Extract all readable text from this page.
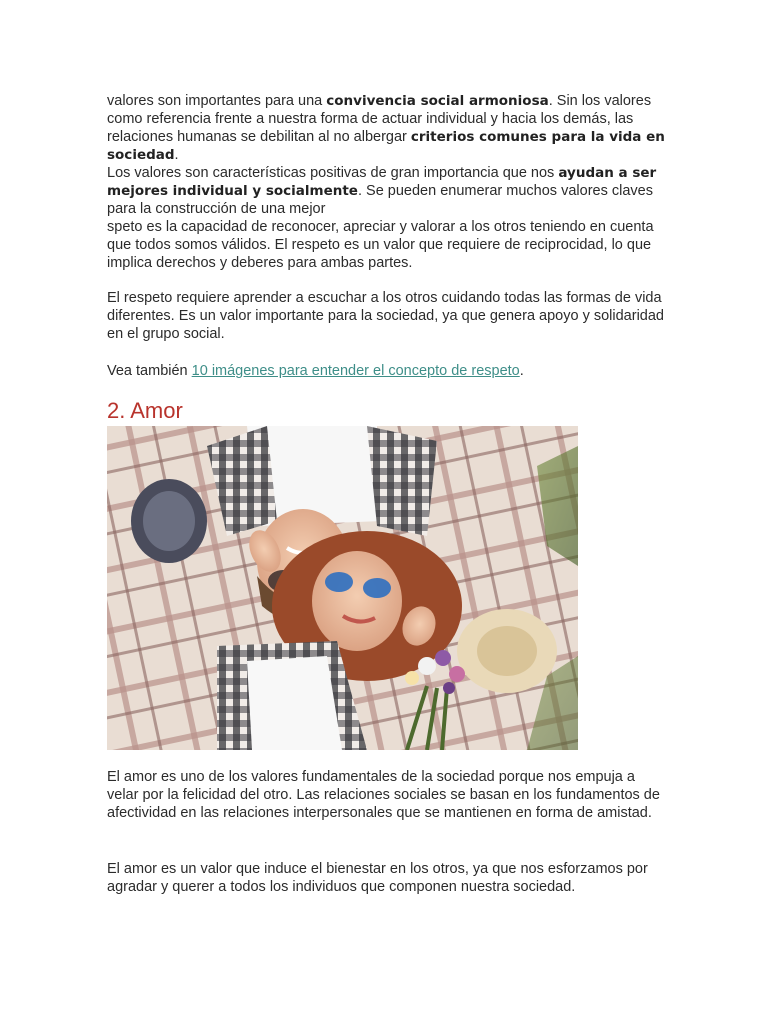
valores son importantes para una convivencia social armoniosa. Sin los valores como referencia frente a nuestra forma de actuar individual y hacia los demás, las relaciones humanas se debilitan al no albergar criterios comunes para la vida en sociedad.

Los valores son características positivas de gran importancia que nos ayudan a ser mejores individual y socialmente. Se pueden enumerar muchos valores claves para la construcción de una mejor

speto es la capacidad de reconocer, apreciar y valorar a los otros teniendo en cuenta que todos somos válidos. El respeto es un valor que requiere de reciprocidad, lo que implica derechos y deberes para ambas partes.

El respeto requiere aprender a escuchar a los otros cuidando todas las formas de vida diferentes. Es un valor importante para la sociedad, ya que genera apoyo y solidaridad en el grupo social.

Vea también 10 imágenes para entender el concepto de respeto.

2. Amor

El amor es uno de los valores fundamentales de la sociedad porque nos empuja a velar por la felicidad del otro. Las relaciones sociales se basan en los fundamentos de afectividad en las relaciones interpersonales que se mantienen en forma de amistad.

El amor es un valor que induce el bienestar en los otros, ya que nos esforzamos por agradar y querer a todos los individuos que componen nuestra sociedad.
